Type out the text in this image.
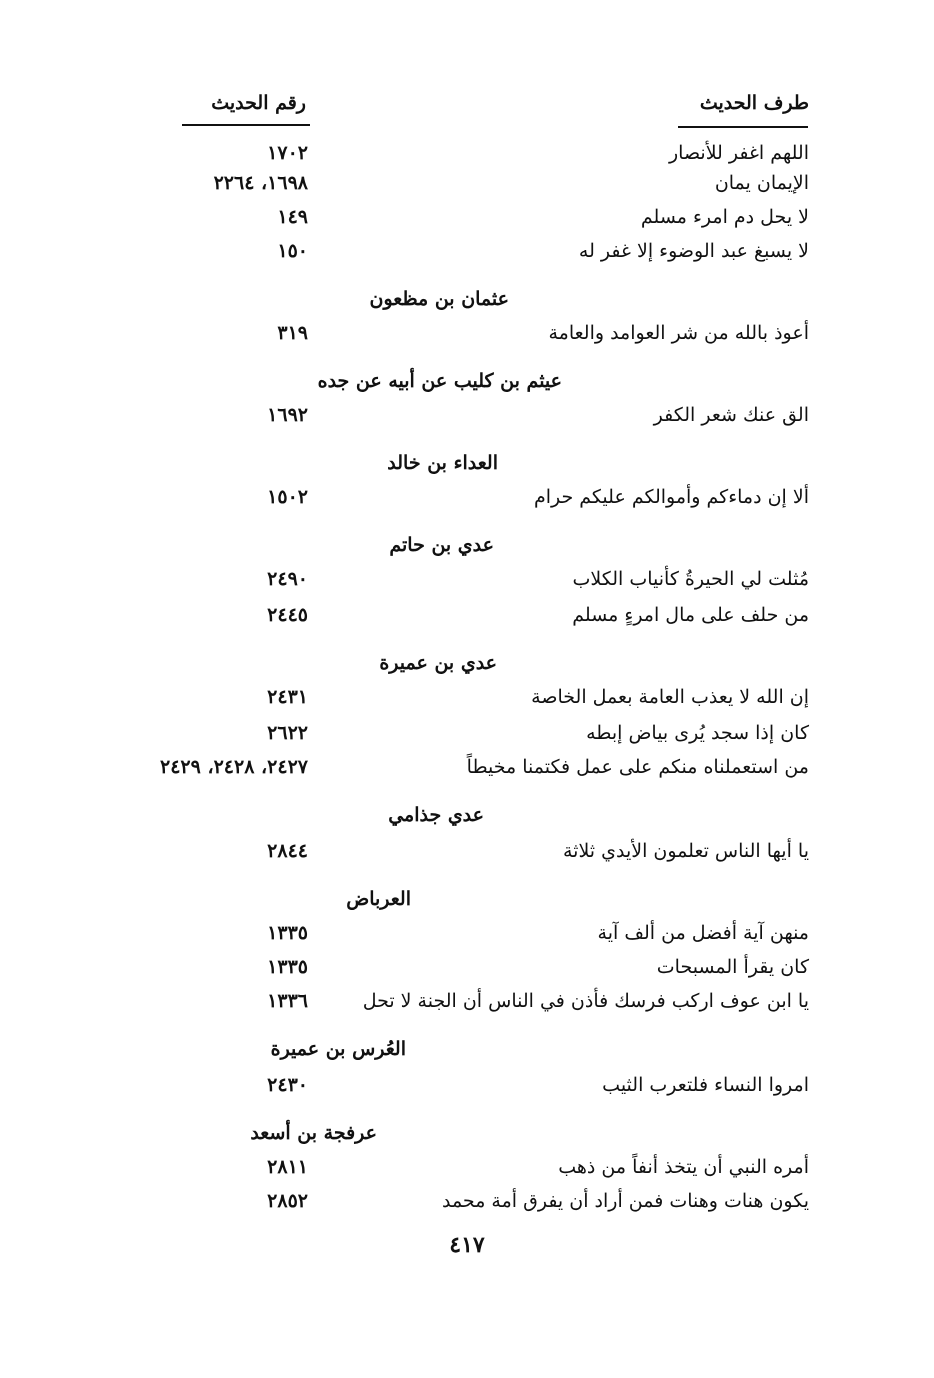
طرف الحديث
رقم الحديث
اللهم اغفر للأنصار
١٧٠٢
الإيمان يمان
١٦٩٨، ٢٢٦٤
لا يحل دم امرء مسلم
١٤٩
لا يسبغ عبد الوضوء إلا غفر له
١٥٠
عثمان بن مظعون
أعوذ بالله من شر العوامد والعامة
٣١٩
عيثم بن كليب عن أبيه عن جده
الق عنك شعر الكفر
١٦٩٢
العداء بن خالد
ألا إن دماءكم وأموالكم عليكم حرام
١٥٠٢
عدي بن حاتم
مُثلت لي الحيرةُ كأنياب الكلاب
٢٤٩٠
من حلف على مال امرءٍ مسلم
٢٤٤٥
عدي بن عميرة
إن الله لا يعذب العامة بعمل الخاصة
٢٤٣١
كان إذا سجد يُرى بياض إبطه
٢٦٢٢
من استعملناه منكم على عمل فكتمنا مخيطاً
٢٤٢٧، ٢٤٢٨، ٢٤٢٩
عدي جذامي
يا أيها الناس تعلمون الأيدي ثلاثة
٢٨٤٤
العرباض
منهن آية أفضل من ألف آية
١٣٣٥
كان يقرأ المسبحات
١٣٣٥
يا ابن عوف اركب فرسك فأذن في الناس أن الجنة لا تحل
١٣٣٦
العُرس بن عميرة
امروا النساء فلتعرب الثيب
٢٤٣٠
عرفجة بن أسعد
أمره النبي أن يتخذ أنفاً من ذهب
٢٨١١
يكون هنات وهنات فمن أراد أن يفرق أمة محمد
٢٨٥٢
٤١٧
